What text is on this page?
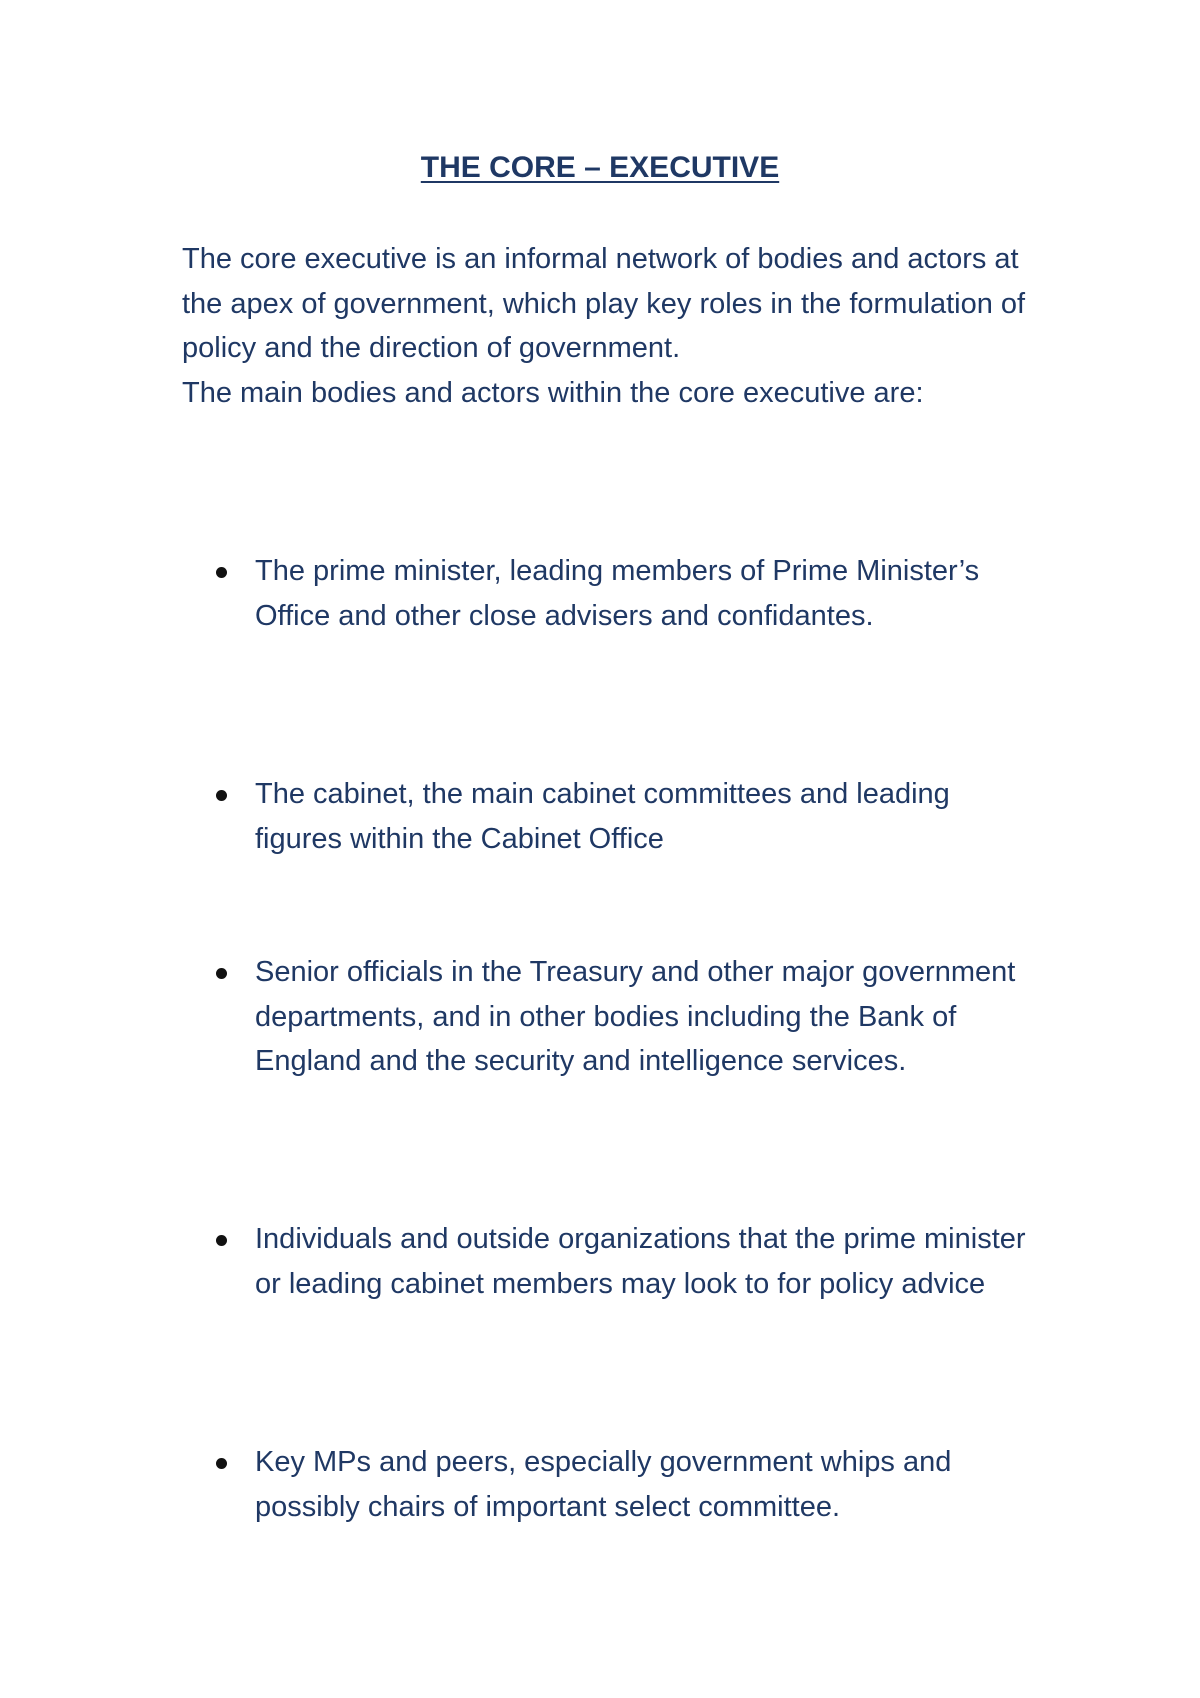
THE CORE – EXECUTIVE

The core executive is an informal network of bodies and actors at the apex of government, which play key roles in the formulation of policy and the direction of government.

The main bodies and actors within the core executive are:

The prime minister, leading members of Prime Minister’s Office and other close advisers and confidantes.
The cabinet, the main cabinet committees and leading figures within the Cabinet Office
Senior officials in the Treasury and other major government departments, and in other bodies including the Bank of England and the security and intelligence services.
Individuals and outside organizations that the prime minister or leading cabinet members may look to for policy advice
Key MPs and peers, especially government whips and possibly chairs of important select committee.
